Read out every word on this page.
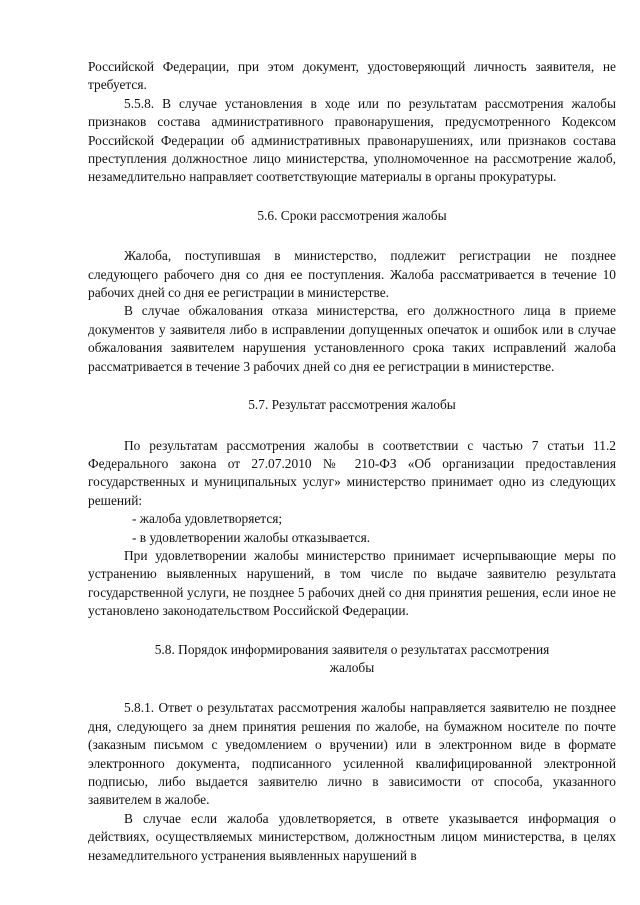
Российской Федерации, при этом документ, удостоверяющий личность заявителя, не требуется.

5.5.8. В случае установления в ходе или по результатам рассмотрения жалобы признаков состава административного правонарушения, предусмотренного Кодексом Российской Федерации об административных правонарушениях, или признаков состава преступления должностное лицо министерства, уполномоченное на рассмотрение жалоб, незамедлительно направляет соответствующие материалы в органы прокуратуры.

5.6. Сроки рассмотрения жалобы

Жалоба, поступившая в министерство, подлежит регистрации не позднее следующего рабочего дня со дня ее поступления. Жалоба рассматривается в течение 10 рабочих дней со дня ее регистрации в министерстве.

В случае обжалования отказа министерства, его должностного лица в приеме документов у заявителя либо в исправлении допущенных опечаток и ошибок или в случае обжалования заявителем нарушения установленного срока таких исправлений жалоба рассматривается в течение 3 рабочих дней со дня ее регистрации в министерстве.

5.7. Результат рассмотрения жалобы

По результатам рассмотрения жалобы в соответствии с частью 7 статьи 11.2 Федерального закона от 27.07.2010 № 210-ФЗ «Об организации предоставления государственных и муниципальных услуг» министерство принимает одно из следующих решений:

- жалоба удовлетворяется;

- в удовлетворении жалобы отказывается.

При удовлетворении жалобы министерство принимает исчерпывающие меры по устранению выявленных нарушений, в том числе по выдаче заявителю результата государственной услуги, не позднее 5 рабочих дней со дня принятия решения, если иное не установлено законодательством Российской Федерации.

5.8. Порядок информирования заявителя о результатах рассмотрения

жалобы

5.8.1. Ответ о результатах рассмотрения жалобы направляется заявителю не позднее дня, следующего за днем принятия решения по жалобе, на бумажном носителе по почте (заказным письмом с уведомлением о вручении) или в электронном виде в формате электронного документа, подписанного усиленной квалифицированной электронной подписью, либо выдается заявителю лично в зависимости от способа, указанного заявителем в жалобе.

В случае если жалоба удовлетворяется, в ответе указывается информация о действиях, осуществляемых министерством, должностным лицом министерства, в целях незамедлительного устранения выявленных нарушений в
